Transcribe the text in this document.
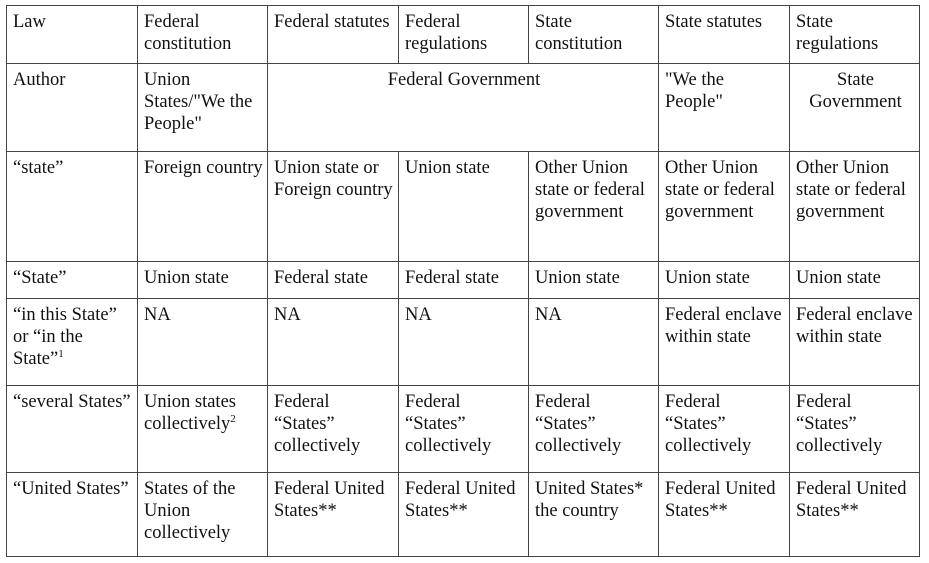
Law	Federal constitution	Federal statutes	Federal regulations	State constitution	State statutes	State regulations
Author	Union States/"We the People"	Federal Government			"We the People"	State Government
“state”	Foreign country	Union state or Foreign country	Union state	Other Union state or federal government	Other Union state or federal government	Other Union state or federal government
“State”	Union state	Federal state	Federal state	Union state	Union state	Union state
“in this State” or “in the State”$^1$	NA	NA	NA	NA	Federal enclave within state	Federal enclave within state
“several States”	Union states collectively$^2$	Federal “States” collectively	Federal “States” collectively	Federal “States” collectively	Federal “States” collectively	Federal “States” collectively
“United States”	States of the Union collectively	Federal United States**	Federal United States**	United States* the country	Federal United States**	Federal United States**
